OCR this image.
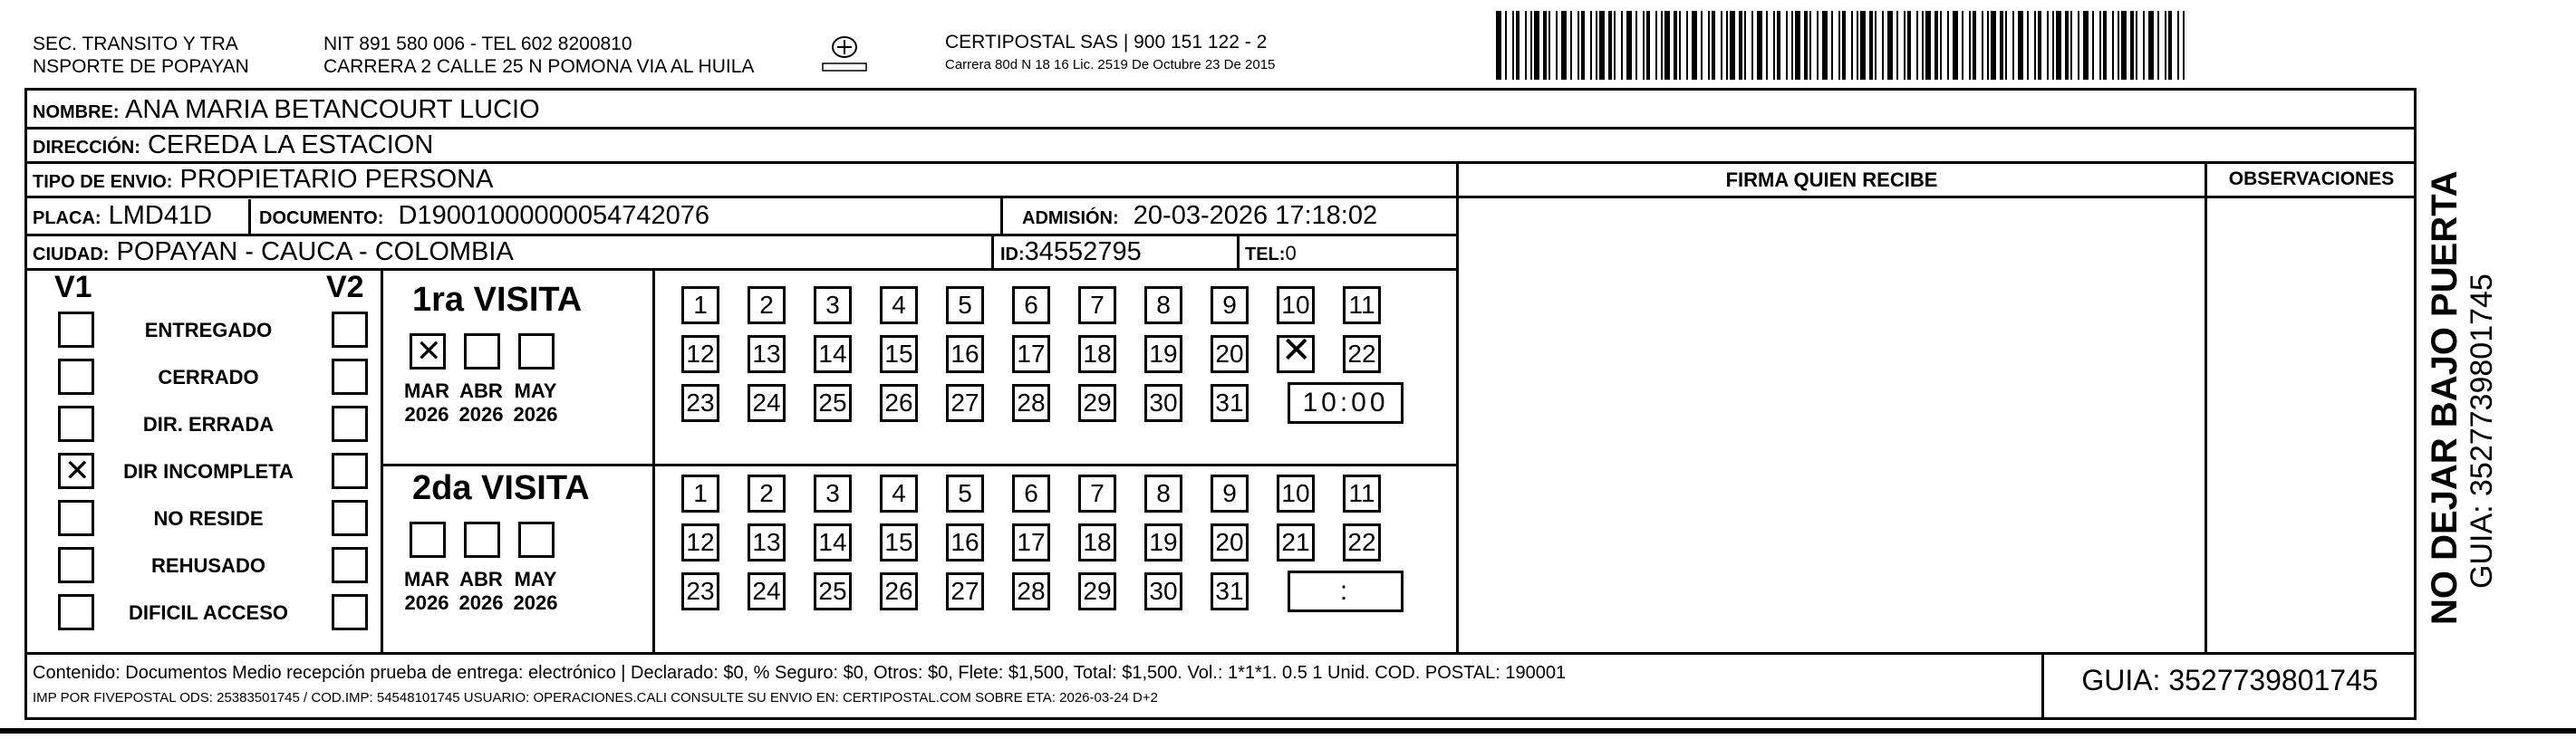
SEC. TRANSITO Y TRA
NSPORTE DE POPAYAN
NIT 891 580 006 - TEL 602 8200810
CARRERA 2 CALLE 25 N POMONA VIA AL HUILA
CERTIPOSTAL SAS | 900 151 122 - 2
Carrera 80d N 18 16 Lic. 2519 De Octubre 23 De 2015
NOMBRE: ANA MARIA BETANCOURT LUCIO
DIRECCIÓN: CEREDA LA ESTACION
TIPO DE ENVIO: PROPIETARIO PERSONA
PLACA: LMD41D	DOCUMENTO: D19001000000054742076	ADMISIÓN: 20-03-2026 17:18:02
CIUDAD: POPAYAN - CAUCA - COLOMBIA	ID:34552795	TEL:0
FIRMA QUIEN RECIBE	OBSERVACIONES
V1	V2
ENTREGADO
CERRADO
DIR. ERRADA
✕
DIR INCOMPLETA
NO RESIDE
REHUSADO
DIFICIL ACCESO
1ra VISITA
✕
MAR
2026
ABR
2026
MAY
2026
1	2	3	4	5	6	7	8	9	10 11
12 13 14 15 16 17 18 19 20
✕	22
23 24 25 26 27 28 29 30 31	10:00
2da VISITA
MAR
2026
ABR
2026
MAY
2026
1	2	3	4	5	6	7	8	9	10 11
12 13 14 15 16 17 18 19 20 21 22
23 24 25 26 27 28 29 30 31	:
Contenido: Documentos Medio recepción prueba de entrega: electrónico | Declarado: $0, % Seguro: $0, Otros: $0, Flete: $1,500, Total: $1,500. Vol.: 1*1*1. 0.5 1 Unid. COD. POSTAL: 190001
IMP POR FIVEPOSTAL ODS: 25383501745 / COD.IMP: 54548101745 USUARIO: OPERACIONES.CALI CONSULTE SU ENVIO EN: CERTIPOSTAL.COM SOBRE ETA: 2026-03-24 D+2
GUIA: 3527739801745
NO DEJAR BAJO PUERTA GUIA: 3527739801745
